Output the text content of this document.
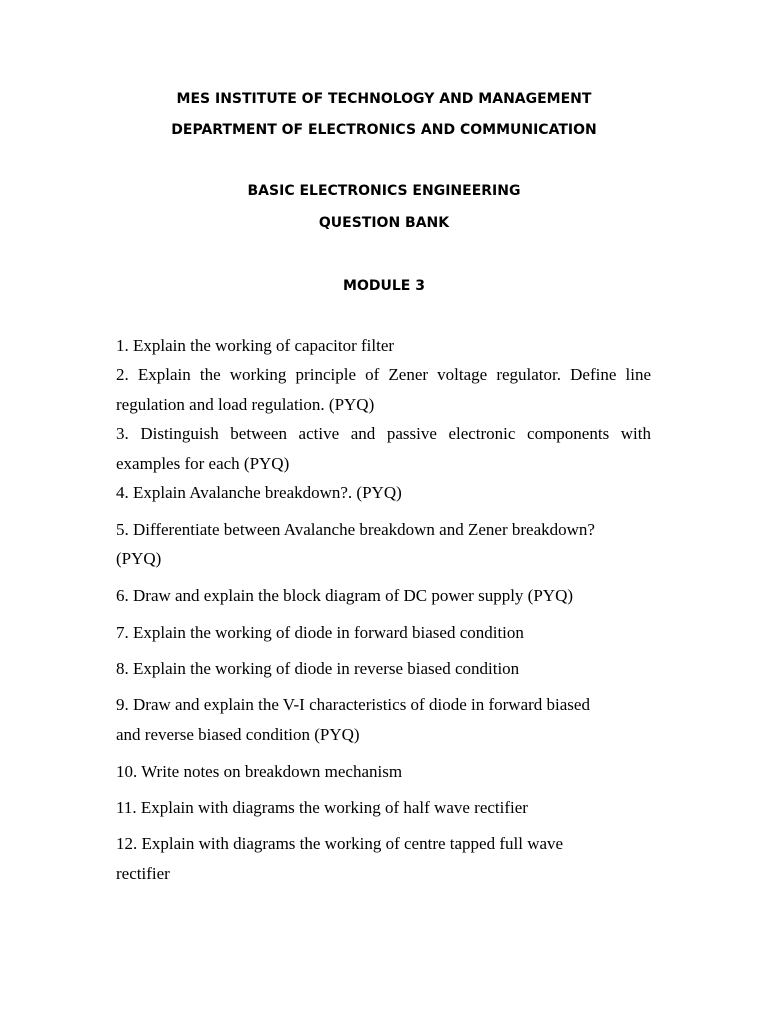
MES INSTITUTE OF TECHNOLOGY AND MANAGEMENT
DEPARTMENT OF ELECTRONICS AND COMMUNICATION
BASIC ELECTRONICS ENGINEERING
QUESTION BANK
MODULE 3
1. Explain the working of capacitor filter
2. Explain the working principle of Zener voltage regulator. Define line
regulation and load regulation. (PYQ)
3. Distinguish between active and passive electronic components with
examples for each (PYQ)
4. Explain Avalanche breakdown?. (PYQ)
5. Differentiate between Avalanche breakdown and Zener breakdown?
(PYQ)
6. Draw and explain the block diagram of DC power supply (PYQ)
7. Explain the working of diode in forward biased condition
8. Explain the working of diode in reverse biased condition
9. Draw and explain the V-I characteristics of diode in forward biased
and reverse biased condition (PYQ)
10. Write notes on breakdown mechanism
11. Explain with diagrams the working of half wave rectifier
12. Explain with diagrams the working of centre tapped full wave
rectifier
